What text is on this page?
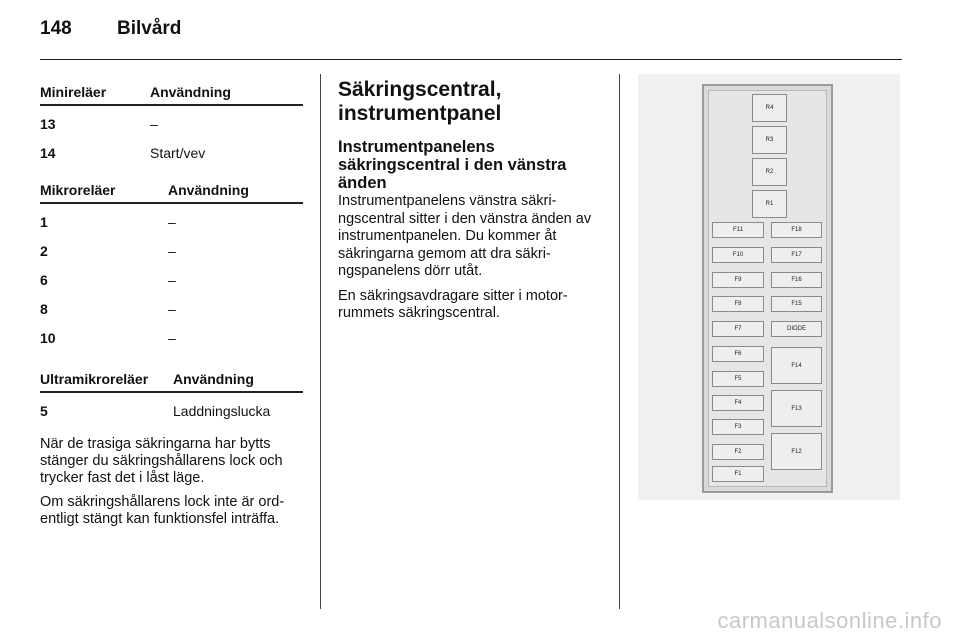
148 Bilvård
Minireläer	Användning
13	–
14	Start/vev
Mikroreläer	Användning
1	–
2	–
6	–
8	–
10	–
Ultramikroreläer Användning
5	Laddningslucka

När de trasiga säkringarna har bytts stänger du säkringshållarens lock och trycker fast det i låst läge.

Om säkringshållarens lock inte är ord-entligt stängt kan funktionsfel inträffa.

Säkringscentral,
instrumentpanel
Instrumentpanelens
säkringscentral i den vänstra
änden

Instrumentpanelens vänstra säkri-ngscentral sitter i den vänstra änden av instrumentpanelen. Du kommer åt säkringarna gemom att dra säkri-ngspanelens dörr utåt.

En säkringsavdragare sitter i motor-rummets säkringscentral.

R4
R3
R2
R1
F11
F10
F9
F8
F7
F6
F5
F4
F3
F2
F1
F18
F17
F16
F15
DIODE
F14
F13
F12
carmanualsonline.info
